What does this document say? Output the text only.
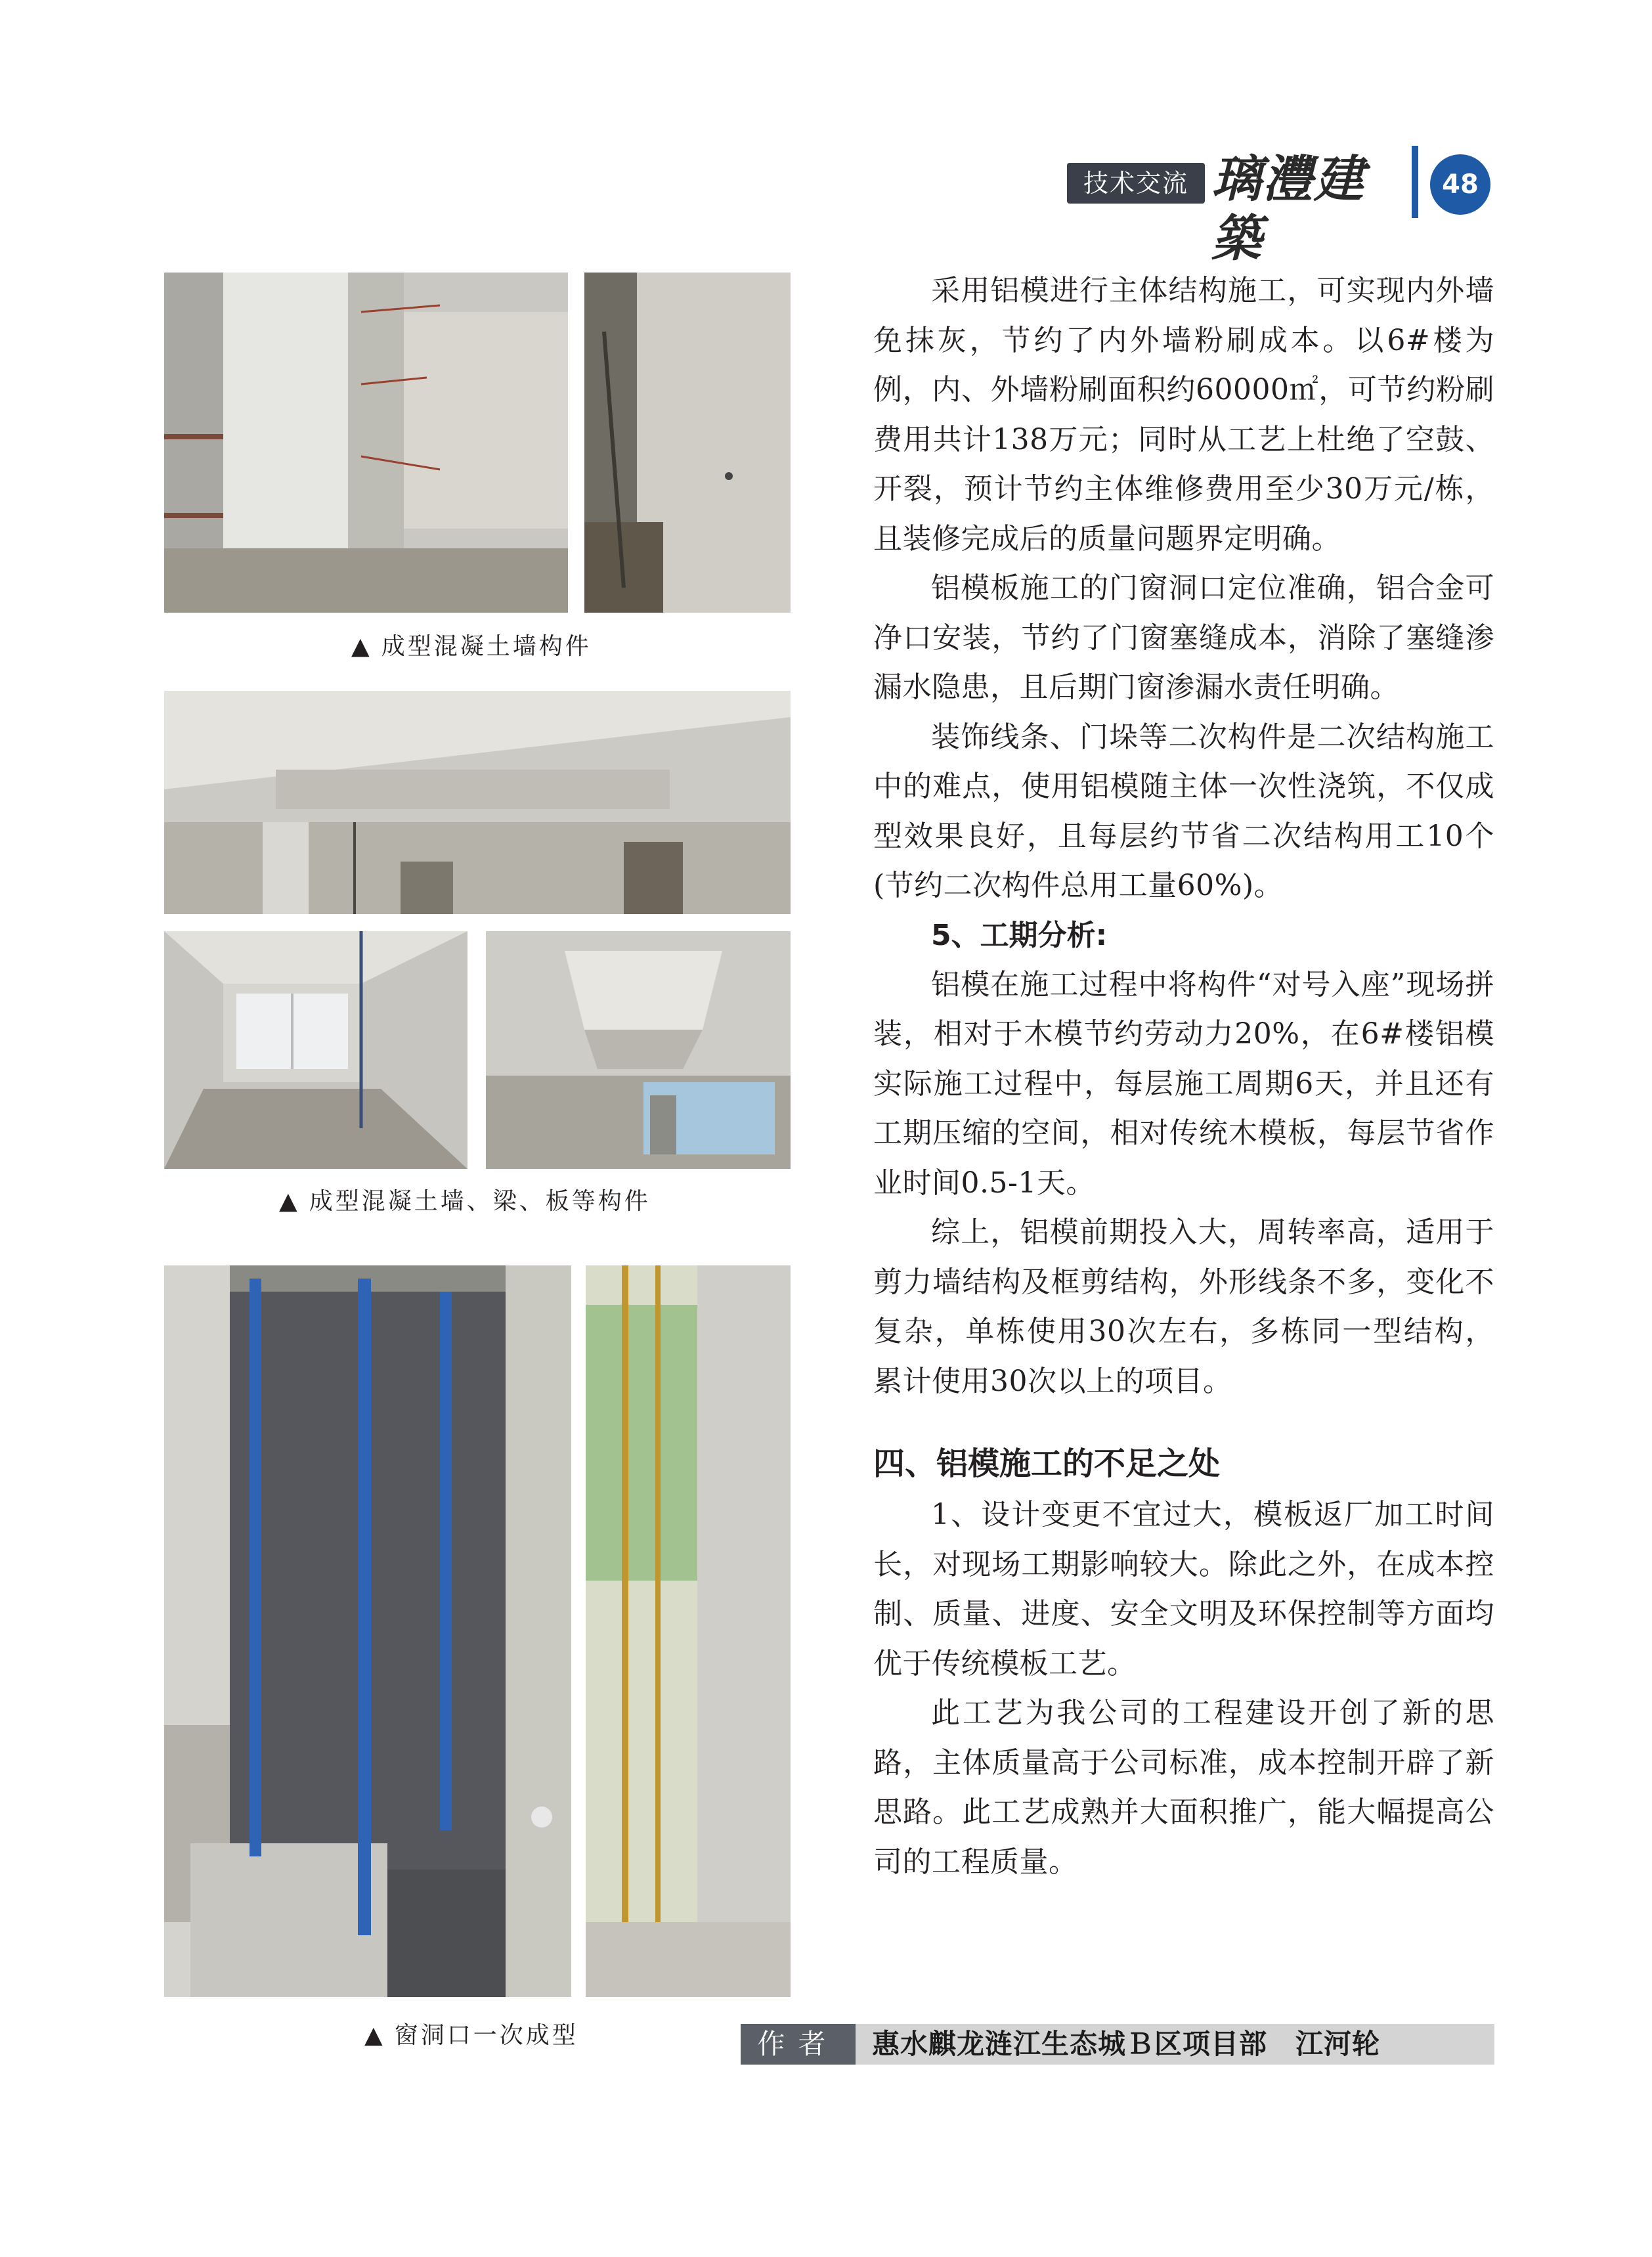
技术交流 璃灃建築
48
▲ 成型混凝土墙构件
▲ 成型混凝土墙、梁、板等构件
▲ 窗洞口一次成型

采用铝模进行主体结构施工，可实现内外墙免抹灰，节约了内外墙粉刷成本。以6#楼为例，内、外墙粉刷面积约60000㎡，可节约粉刷费用共计138万元；同时从工艺上杜绝了空鼓、开裂，预计节约主体维修费用至少30万元/栋，且装修完成后的质量问题界定明确。

铝模板施工的门窗洞口定位准确，铝合金可净口安装，节约了门窗塞缝成本，消除了塞缝渗漏水隐患，且后期门窗渗漏水责任明确。

装饰线条、门垛等二次构件是二次结构施工中的难点，使用铝模随主体一次性浇筑，不仅成型效果良好，且每层约节省二次结构用工10个(节约二次构件总用工量60%)。

5、工期分析:

铝模在施工过程中将构件“对号入座”现场拼装，相对于木模节约劳动力20%，在6#楼铝模实际施工过程中，每层施工周期6天，并且还有工期压缩的空间，相对传统木模板，每层节省作业时间0.5-1天。

综上，铝模前期投入大，周转率高，适用于剪力墙结构及框剪结构，外形线条不多，变化不复杂，单栋使用30次左右，多栋同一型结构，累计使用30次以上的项目。

四、铝模施工的不足之处

1、设计变更不宜过大，模板返厂加工时间长，对现场工期影响较大。除此之外，在成本控制、质量、进度、安全文明及环保控制等方面均优于传统模板工艺。

此工艺为我公司的工程建设开创了新的思路，主体质量高于公司标准，成本控制开辟了新思路。此工艺成熟并大面积推广，能大幅提高公司的工程质量。

作者	惠水麒龙涟江生态城Ｂ区项目部　江河轮
